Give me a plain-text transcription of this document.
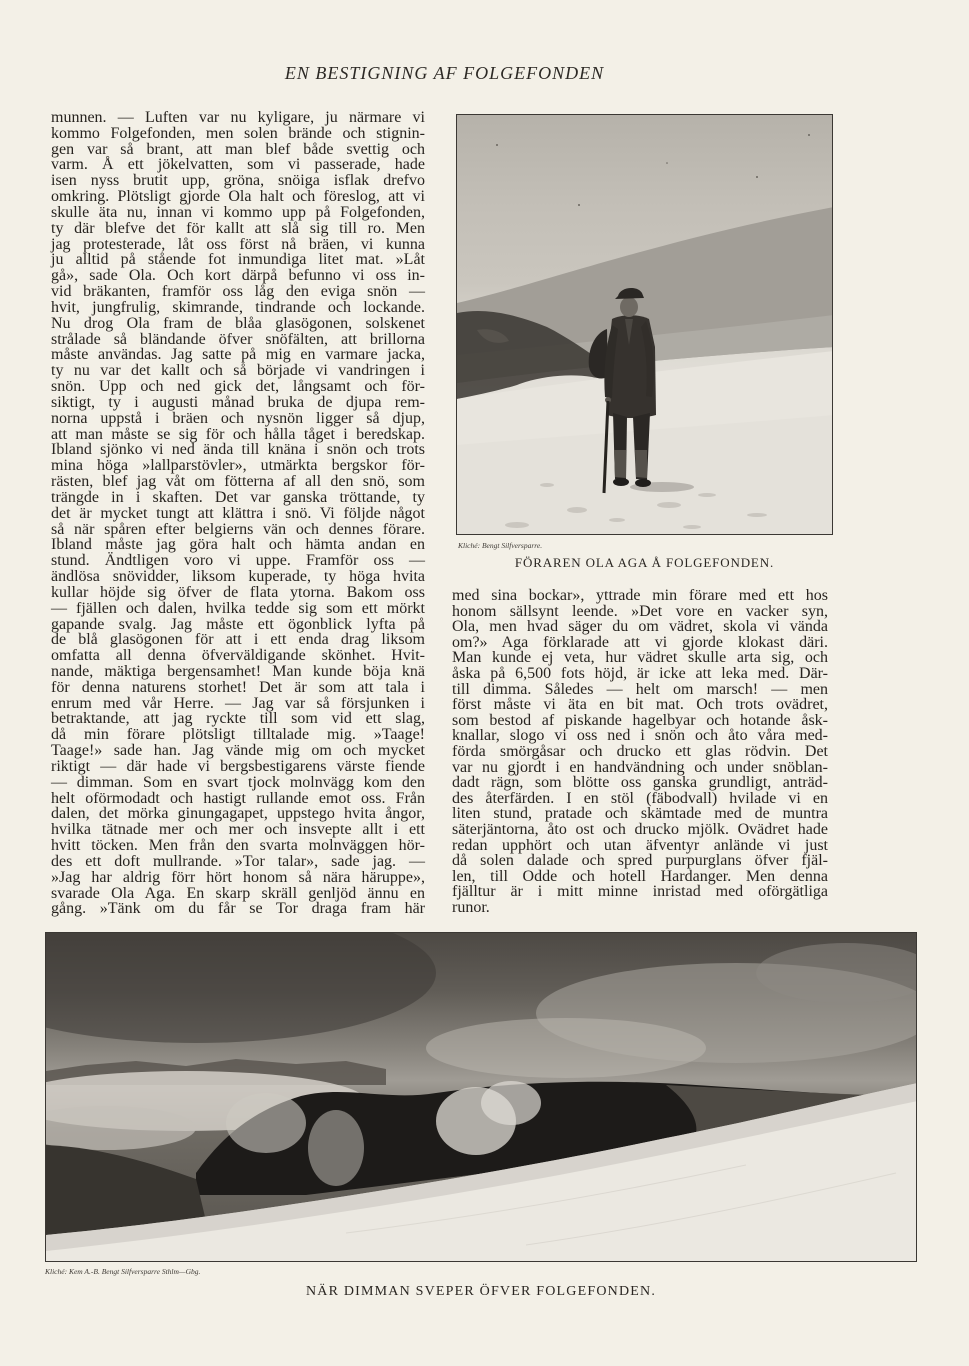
EN BESTIGNING AF FOLGEFONDEN
munnen. — Luften var nu kyligare, ju närmare vi
kommo Folgefonden, men solen brände och stignin-
gen var så brant, att man blef både svettig och
varm. Å ett jökelvatten, som vi passerade, hade
isen nyss brutit upp, gröna, snöiga isflak drefvo
omkring. Plötsligt gjorde Ola halt och föreslog, att vi
skulle äta nu, innan vi kommo upp på Folgefonden,
ty där blefve det för kallt att slå sig till ro. Men
jag protesterade, låt oss först nå bräen, vi kunna
ju alltid på stående fot inmundiga litet mat. »Låt
gå», sade Ola. Och kort därpå befunno vi oss in-
vid bräkanten, framför oss låg den eviga snön —
hvit, jungfrulig, skimrande, tindrande och lockande.
Nu drog Ola fram de blåa glasögonen, solskenet
strålade så bländande öfver snöfälten, att brillorna
måste användas. Jag satte på mig en varmare jacka,
ty nu var det kallt och så började vi vandringen i
snön. Upp och ned gick det, långsamt och för-
siktigt, ty i augusti månad bruka de djupa rem-
norna uppstå i bräen och nysnön ligger så djup,
att man måste se sig för och hålla tåget i beredskap.
Ibland sjönko vi ned ända till knäna i snön och trots
mina höga »lallparstövler», utmärkta bergskor för-
rästen, blef jag våt om fötterna af all den snö, som
trängde in i skaften. Det var ganska tröttande, ty
det är mycket tungt att klättra i snö. Vi följde något
så när spåren efter belgierns vän och dennes förare.
Ibland måste jag göra halt och hämta andan en
stund. Ändtligen voro vi uppe. Framför oss —
ändlösa snövidder, liksom kuperade, ty höga hvita
kullar höjde sig öfver de flata ytorna. Bakom oss
— fjällen och dalen, hvilka tedde sig som ett mörkt
gapande svalg. Jag måste ett ögonblick lyfta på
de blå glasögonen för att i ett enda drag liksom
omfatta all denna öfverväldigande skönhet. Hvit-
nande, mäktiga bergensamhet! Man kunde böja knä
för denna naturens storhet! Det är som att tala i
enrum med vår Herre. — Jag var så försjunken i
betraktande, att jag ryckte till som vid ett slag,
då min förare plötsligt tilltalade mig. »Taage!
Taage!» sade han. Jag vände mig om och mycket
riktigt — där hade vi bergsbestigarens värste fiende
— dimman. Som en svart tjock molnvägg kom den
helt oförmodadt och hastigt rullande emot oss. Från
dalen, det mörka ginungagapet, uppstego hvita ångor,
hvilka tätnade mer och mer och insvepte allt i ett
hvitt töcken. Men från den svarta molnväggen hör-
des ett doft mullrande. »Tor talar», sade jag. —
»Jag har aldrig förr hört honom så nära häruppe»,
svarade Ola Aga. En skarp skräll genljöd ännu en
gång. »Tänk om du får se Tor draga fram här
Kliché: Bengt Silfversparre.
FÖRAREN OLA AGA Å FOLGEFONDEN.
med sina bockar», yttrade min förare med ett hos
honom sällsynt leende. »Det vore en vacker syn,
Ola, men hvad säger du om vädret, skola vi vända
om?» Aga förklarade att vi gjorde klokast däri.
Man kunde ej veta, hur vädret skulle arta sig, och
åska på 6,500 fots höjd, är icke att leka med. Där-
till dimma. Således — helt om marsch! — men
först måste vi äta en bit mat. Och trots ovädret,
som bestod af piskande hagelbyar och hotande åsk-
knallar, slogo vi oss ned i snön och åto våra med-
förda smörgåsar och drucko ett glas rödvin. Det
var nu gjordt i en handvändning och under snöblan-
dadt rägn, som blötte oss ganska grundligt, anträd-
des återfärden. I en stöl (fäbodvall) hvilade vi en
liten stund, pratade och skämtade med de muntra
säterjäntorna, åto ost och drucko mjölk. Ovädret hade
redan upphört och utan äfventyr anlände vi just
då solen dalade och spred purpurglans öfver fjäl-
len, till Odde och hotell Hardanger. Men denna
fjälltur är i mitt minne inristad med oförgätliga
runor.
Kliché: Kem A.-B. Bengt Silfversparre Sthlm—Gbg.
NÄR DIMMAN SVEPER ÖFVER FOLGEFONDEN.
